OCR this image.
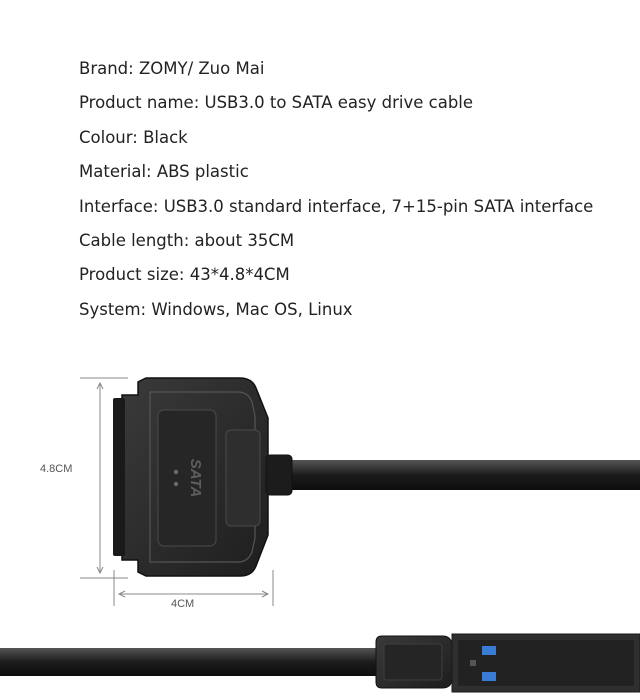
Brand: ZOMY/ Zuo Mai
Product name: USB3.0 to SATA easy drive cable
Colour: Black
Material: ABS plastic
Interface: USB3.0 standard interface, 7+15-pin SATA interface
Cable length: about 35CM
Product size: 43*4.8*4CM
System: Windows, Mac OS, Linux
SATA
4.8CM
4CM
